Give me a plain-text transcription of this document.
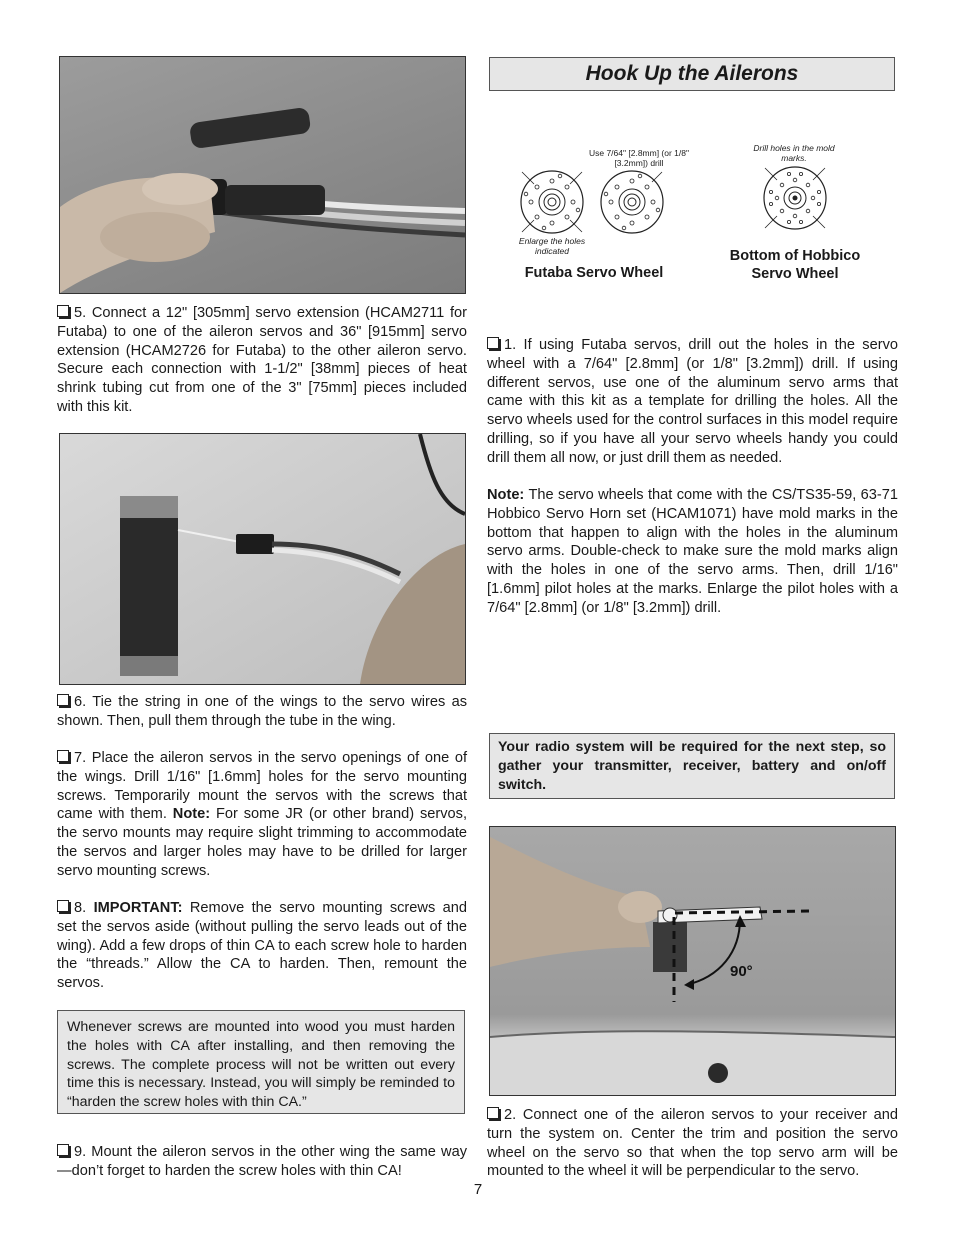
5. Connect a 12" [305mm] servo extension (HCAM2711 for Futaba) to one of the aileron servos and 36" [915mm] servo extension (HCAM2726 for Futaba) to the other aileron servo. Secure each connection with 1-1/2" [38mm] pieces of heat shrink tubing cut from one of the 3" [75mm] pieces included with this kit.

6. Tie the string in one of the wings to the servo wires as shown. Then, pull them through the tube in the wing.

7. Place the aileron servos in the servo openings of one of the wings. Drill 1/16" [1.6mm] holes for the servo mounting screws. Temporarily mount the servos with the screws that came with them. Note: For some JR (or other brand) servos, the servo mounts may require slight trimming to accommodate the servos and larger holes may have to be drilled for larger servo mounting screws.

8. IMPORTANT: Remove the servo mounting screws and set the servos aside (without pulling the servo leads out of the wing). Add a few drops of thin CA to each screw hole to harden the “threads.” Allow the CA to harden. Then, remount the servos.

Whenever screws are mounted into wood you must harden the holes with CA after installing, and then removing the screws. The complete process will not be written out every time this is necessary. Instead, you will simply be reminded to “harden the screw holes with thin CA.”

9. Mount the aileron servos in the other wing the same way—don’t forget to harden the screw holes with thin CA!

Hook Up the Ailerons
Use 7/64" [2.8mm] (or 1/8" [3.2mm]) drill
Drill holes in the mold marks.
Enlarge the holes indicated
Futaba Servo Wheel
Bottom of Hobbico Servo Wheel

1. If using Futaba servos, drill out the holes in the servo wheel with a 7/64" [2.8mm] (or 1/8" [3.2mm]) drill. If using different servos, use one of the aluminum servo arms that came with this kit as a template for drilling the holes. All the servo wheels used for the control surfaces in this model require drilling, so if you have all your servo wheels handy you could drill them all now, or just drill them as needed.

Note: The servo wheels that come with the CS/TS35-59, 63-71 Hobbico Servo Horn set (HCAM1071) have mold marks in the bottom that happen to align with the holes in the aluminum servo arms. Double-check to make sure the mold marks align with the holes in one of the servo arms. Then, drill 1/16" [1.6mm] pilot holes at the marks. Enlarge the pilot holes with a 7/64" [2.8mm] (or 1/8" [3.2mm]) drill.

Your radio system will be required for the next step, so gather your transmitter, receiver, battery and on/off switch.
90°

2. Connect one of the aileron servos to your receiver and turn the system on. Center the trim and position the servo wheel on the servo so that when the top servo arm will be mounted to the wheel it will be perpendicular to the servo.

7
